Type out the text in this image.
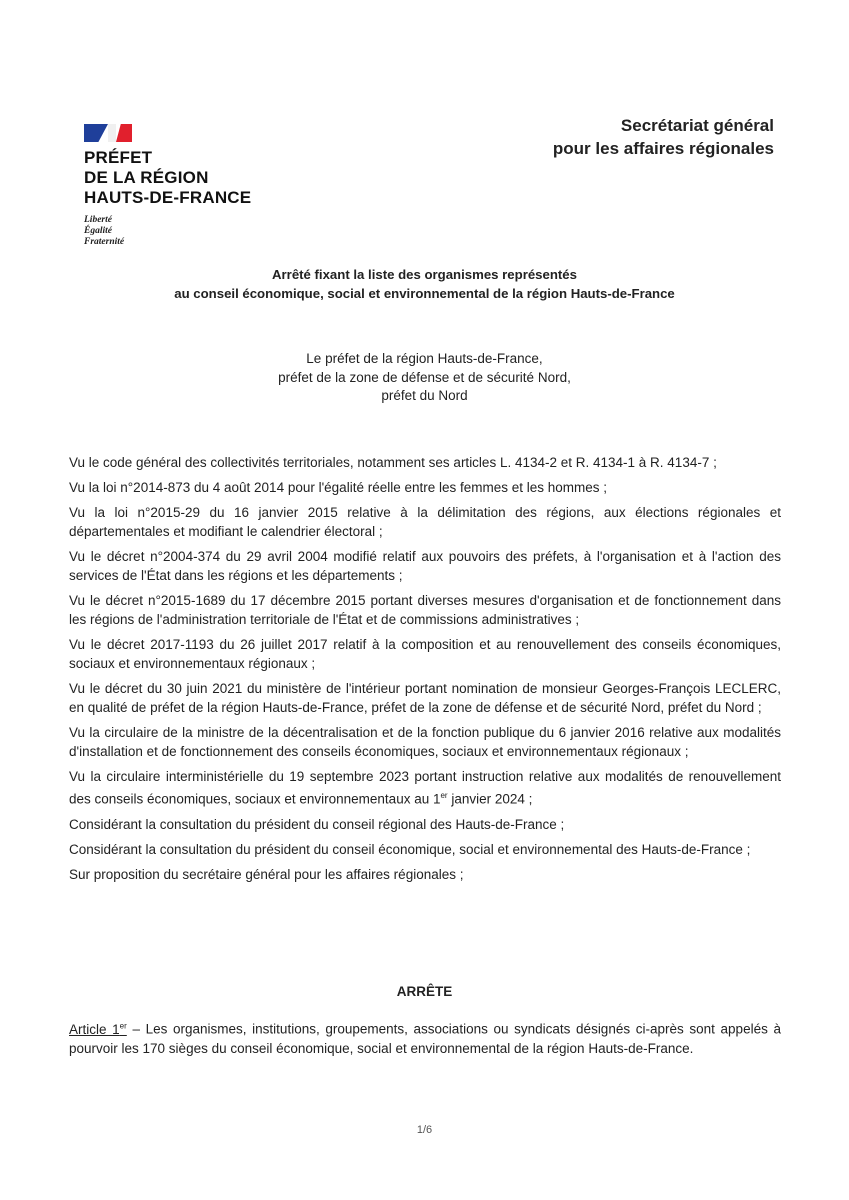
PRÉFET
DE LA RÉGION
HAUTS-DE-FRANCE
Liberté
Égalité
Fraternité
Secrétariat général
pour les affaires régionales
Arrêté fixant la liste des organismes représentés
au conseil économique, social et environnemental de la région Hauts-de-France
Le préfet de la région Hauts-de-France,
préfet de la zone de défense et de sécurité Nord,
préfet du Nord

Vu le code général des collectivités territoriales, notamment ses articles L. 4134-2 et R. 4134-1 à R. 4134-7 ;

Vu la loi n°2014-873 du 4 août 2014 pour l'égalité réelle entre les femmes et les hommes ;

Vu la loi n°2015-29 du 16 janvier 2015 relative à la délimitation des régions, aux élections régionales et départementales et modifiant le calendrier électoral ;

Vu le décret n°2004-374 du 29 avril 2004 modifié relatif aux pouvoirs des préfets, à l'organisation et à l'action des services de l'État dans les régions et les départements ;

Vu le décret n°2015-1689 du 17 décembre 2015 portant diverses mesures d'organisation et de fonctionnement dans les régions de l'administration territoriale de l'État et de commissions administratives ;

Vu le décret 2017-1193 du 26 juillet 2017 relatif à la composition et au renouvellement des conseils économiques, sociaux et environnementaux régionaux ;

Vu le décret du 30 juin 2021 du ministère de l'intérieur portant nomination de monsieur Georges-François LECLERC, en qualité de préfet de la région Hauts-de-France, préfet de la zone de défense et de sécurité Nord, préfet du Nord ;

Vu la circulaire de la ministre de la décentralisation et de la fonction publique du 6 janvier 2016 relative aux modalités d'installation et de fonctionnement des conseils économiques, sociaux et environnementaux régionaux ;

Vu la circulaire interministérielle du 19 septembre 2023 portant instruction relative aux modalités de renouvellement des conseils économiques, sociaux et environnementaux au 1er janvier 2024 ;

Considérant la consultation du président du conseil régional des Hauts-de-France ;

Considérant la consultation du président du conseil économique, social et environnemental des Hauts-de-France ;

Sur proposition du secrétaire général pour les affaires régionales ;

ARRÊTE

Article 1er – Les organismes, institutions, groupements, associations ou syndicats désignés ci-après sont appelés à pourvoir les 170 sièges du conseil économique, social et environnemental de la région Hauts-de-France.

1/6
